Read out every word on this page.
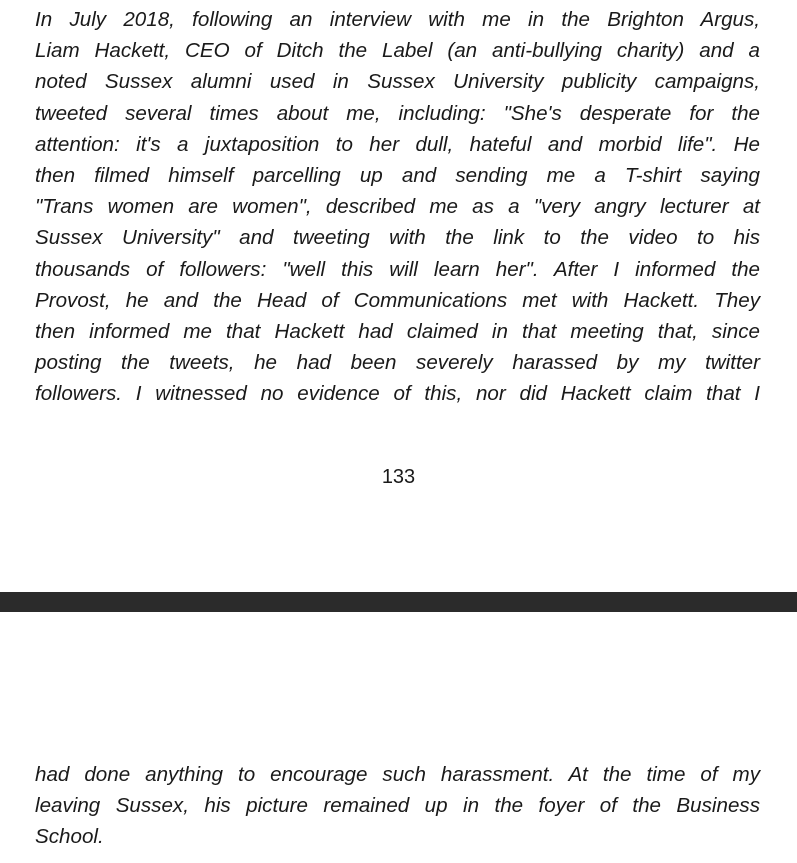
In July 2018, following an interview with me in the Brighton Argus,
Liam Hackett, CEO of Ditch the Label (an anti-bullying charity) and a
noted Sussex alumni used in Sussex University publicity campaigns,
tweeted several times about me, including: "She's desperate for the
attention: it's a juxtaposition to her dull, hateful and morbid life". He
then filmed himself parcelling up and sending me a T-shirt saying
"Trans women are women", described me as a "very angry lecturer at
Sussex University" and tweeting with the link to the video to his
thousands of followers: "well this will learn her". After I informed the
Provost, he and the Head of Communications met with Hackett. They
then informed me that Hackett had claimed in that meeting that, since
posting the tweets, he had been severely harassed by my twitter
followers. I witnessed no evidence of this, nor did Hackett claim that I

133

had done anything to encourage such harassment. At the time of my
leaving Sussex, his picture remained up in the foyer of the Business
School.
